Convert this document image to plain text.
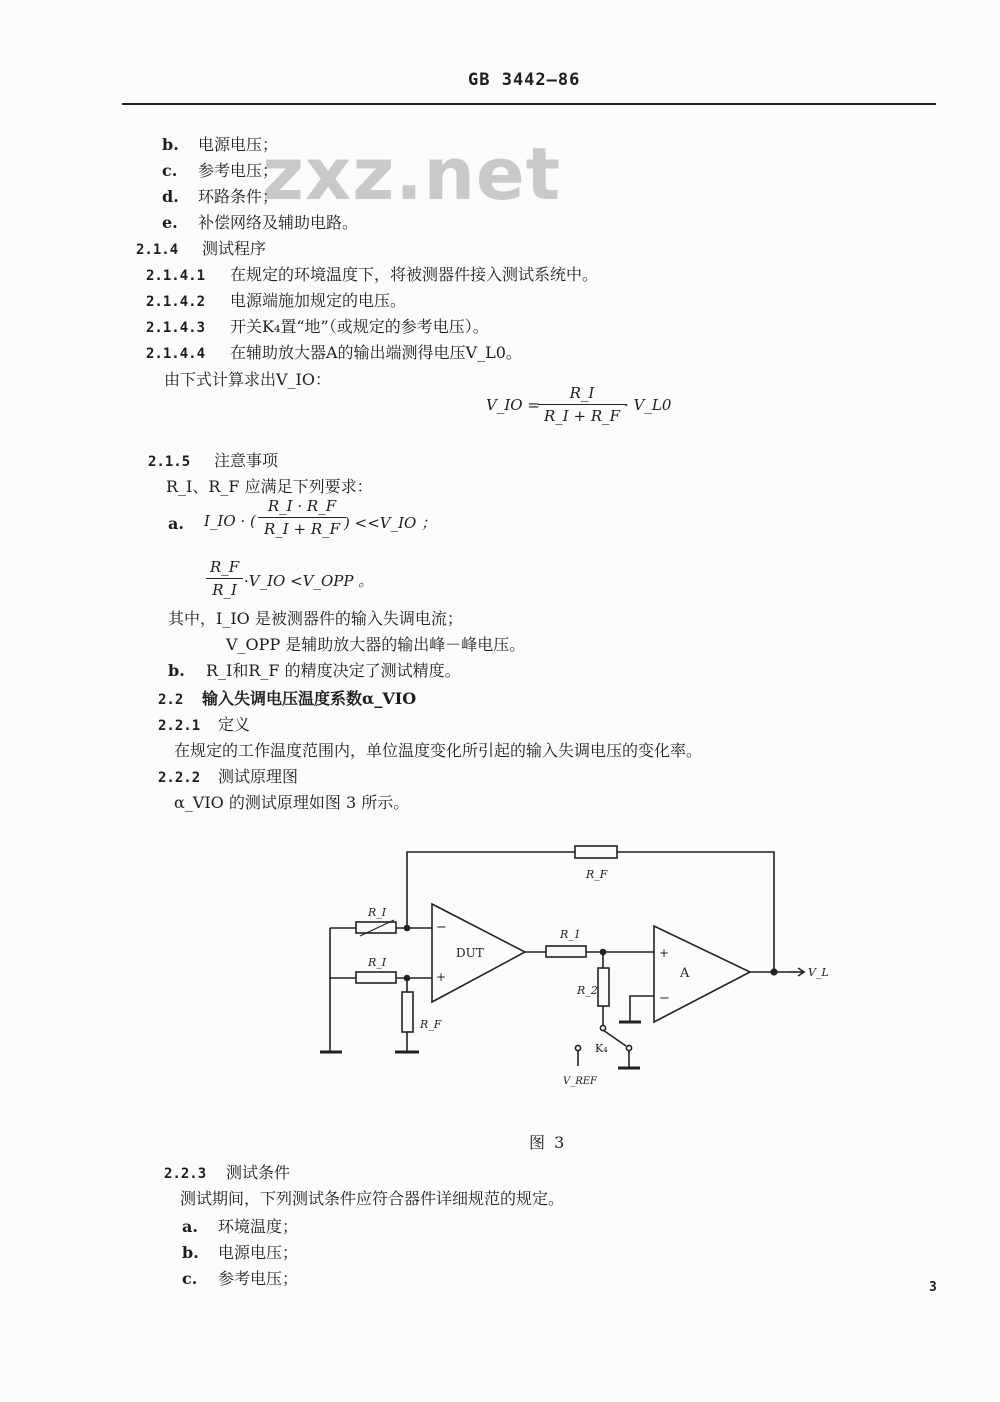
GB 3442—86
zxz.net
b. 电源电压；
c. 参考电压；
d. 环路条件；
e. 补偿网络及辅助电路。
2.1.4 测试程序
2.1.4.1 在规定的环境温度下，将被测器件接入测试系统中。
2.1.4.2 电源端施加规定的电压。
2.1.4.3 开关K₄置“地”（或规定的参考电压）。
2.1.4.4 在辅助放大器A的输出端测得电压V_L0。
由下式计算求出V_IO：
V_IO =
$\frac{R\_I}{R\_I + R\_F}$
· V_L0
2.1.5 注意事项
R_I、R_F 应满足下列要求：
a. I_IO · ( $\frac{R\_I \cdot R\_F}{R\_I + R\_F}$
) <<V_IO ；
$\frac{R\_F}{R\_I}$
·V_IO <V_OPP 。
其中，I_IO 是被测器件的输入失调电流；
V_OPP 是辅助放大器的输出峰－峰电压。
b. R_I和R_F 的精度决定了测试精度。
2.2 输入失调电压温度系数α_VIO
2.2.1 定义
在规定的工作温度范围内，单位温度变化所引起的输入失调电压的变化率。
2.2.2 测试原理图
α_VIO 的测试原理如图 3 所示。
R_F
R_I
R_I
R_F
−
+
DUT
R_1
R_2
K₄
V_REF
+
−
A	V_L
图 3
2.2.3 测试条件
测试期间，下列测试条件应符合器件详细规范的规定。
a. 环境温度；
b. 电源电压；
c. 参考电压；	3
